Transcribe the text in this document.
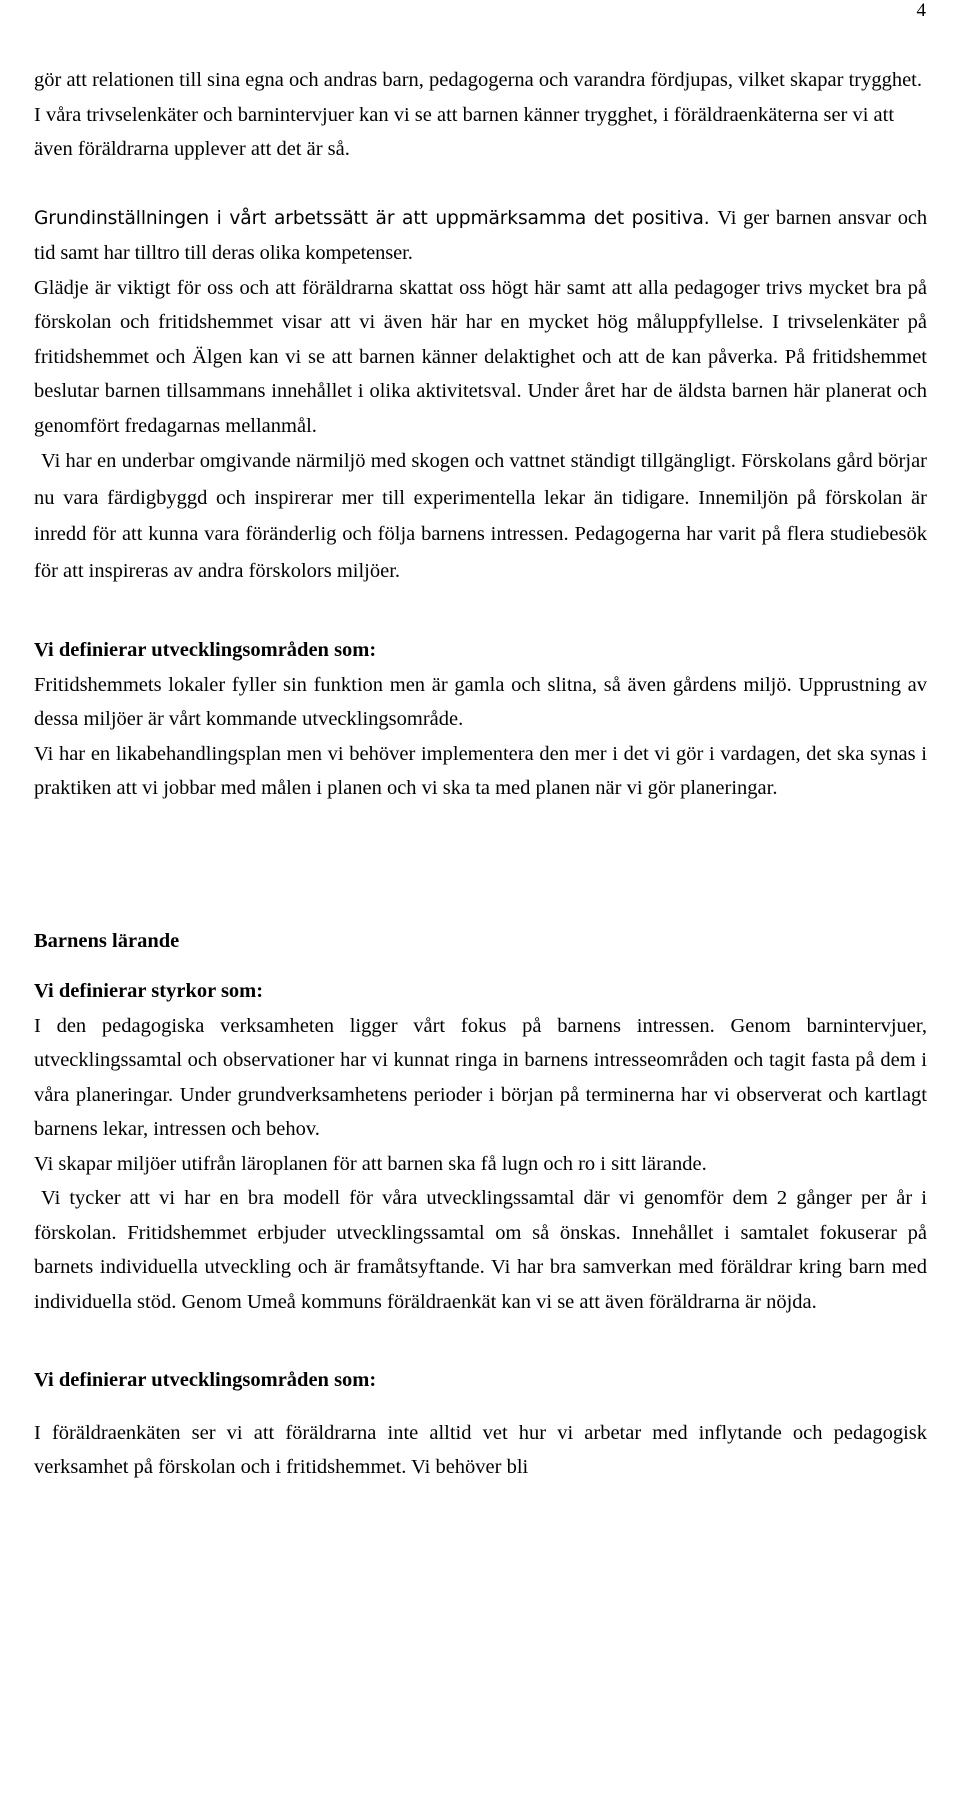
4

gör att relationen till sina egna och andras barn, pedagogerna och varandra fördjupas, vilket skapar trygghet.

I våra trivselenkäter och barnintervjuer kan vi se att barnen känner trygghet, i föräldraenkäterna ser vi att även föräldrarna upplever att det är så.

Grundinställningen i vårt arbetssätt är att uppmärksamma det positiva. Vi ger barnen ansvar och tid samt har tilltro till deras olika kompetenser.

Glädje är viktigt för oss och att föräldrarna skattat oss högt här samt att alla pedagoger trivs mycket bra på förskolan och fritidshemmet visar att vi även här har en mycket hög måluppfyllelse. I trivselenkäter på fritidshemmet och Älgen kan vi se att barnen känner delaktighet och att de kan påverka. På fritidshemmet beslutar barnen tillsammans innehållet i olika aktivitetsval. Under året har de äldsta barnen här planerat och genomfört fredagarnas mellanmål.

Vi har en underbar omgivande närmiljö med skogen och vattnet ständigt tillgängligt. Förskolans gård börjar nu vara färdigbyggd och inspirerar mer till experimentella lekar än tidigare. Innemiljön på förskolan är inredd för att kunna vara föränderlig och följa barnens intressen. Pedagogerna har varit på flera studiebesök för att inspireras av andra förskolors miljöer.

Vi definierar utvecklingsområden som:

Fritidshemmets lokaler fyller sin funktion men är gamla och slitna, så även gårdens miljö. Upprustning av dessa miljöer är vårt kommande utvecklingsområde.

Vi har en likabehandlingsplan men vi behöver implementera den mer i det vi gör i vardagen, det ska synas i praktiken att vi jobbar med målen i planen och vi ska ta med planen när vi gör planeringar.

Barnens lärande
Vi definierar styrkor som:

I den pedagogiska verksamheten ligger vårt fokus på barnens intressen. Genom barnintervjuer, utvecklingssamtal och observationer har vi kunnat ringa in barnens intresseområden och tagit fasta på dem i våra planeringar. Under grundverksamhetens perioder i början på terminerna har vi observerat och kartlagt barnens lekar, intressen och behov.

Vi skapar miljöer utifrån läroplanen för att barnen ska få lugn och ro i sitt lärande.

Vi tycker att vi har en bra modell för våra utvecklingssamtal där vi genomför dem 2 gånger per år i förskolan. Fritidshemmet erbjuder utvecklingssamtal om så önskas. Innehållet i samtalet fokuserar på barnets individuella utveckling och är framåtsyftande. Vi har bra samverkan med föräldrar kring barn med individuella stöd. Genom Umeå kommuns föräldraenkät kan vi se att även föräldrarna är nöjda.

Vi definierar utvecklingsområden som:

I föräldraenkäten ser vi att föräldrarna inte alltid vet hur vi arbetar med inflytande och pedagogisk verksamhet på förskolan och i fritidshemmet. Vi behöver bli
